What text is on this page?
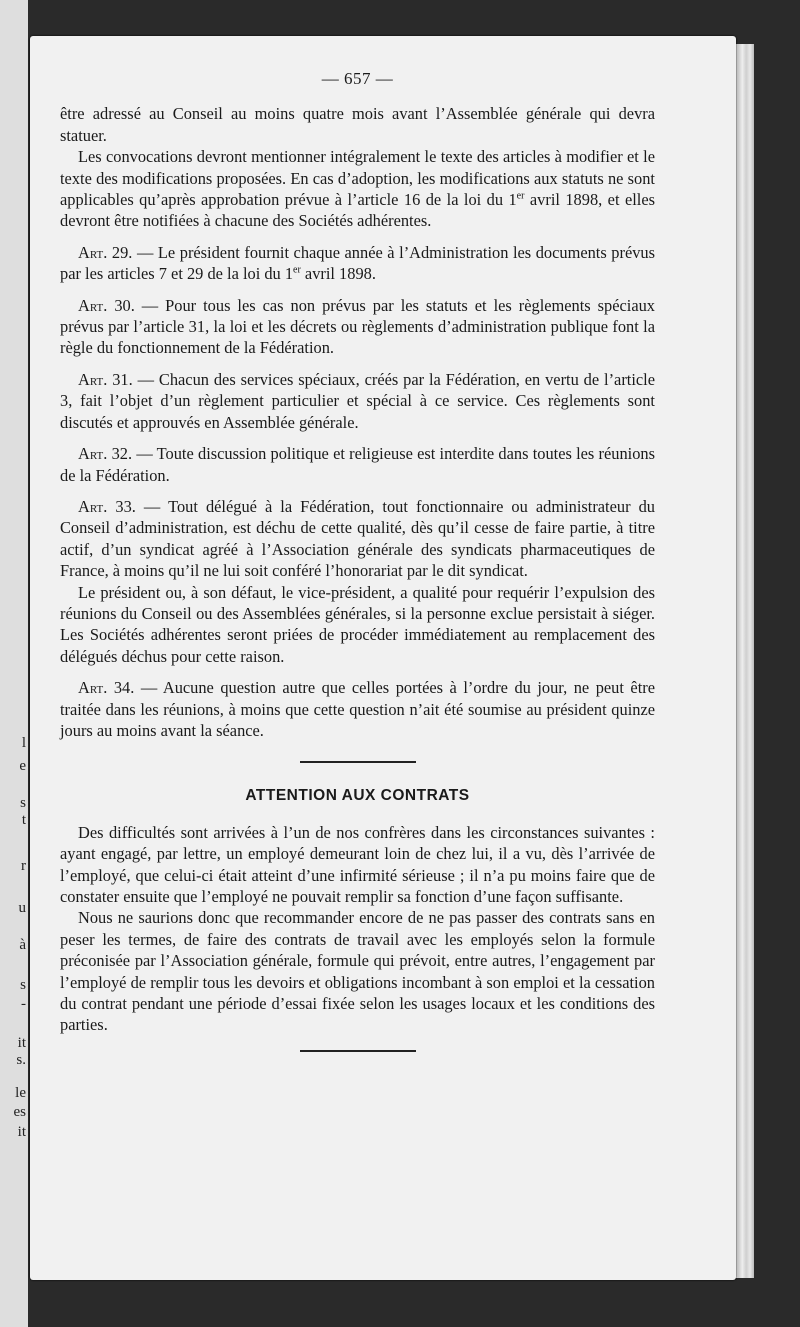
l
e
s
t
r
u
à
s
-
it
s.
le
es
it
— 657 —

être adressé au Conseil au moins quatre mois avant l’Assemblée générale qui devra statuer.

Les convocations devront mentionner intégralement le texte des articles à modifier et le texte des modifications proposées. En cas d’adoption, les modifications aux statuts ne sont applicables qu’après approbation prévue à l’article 16 de la loi du 1er avril 1898, et elles devront être notifiées à chacune des Sociétés adhérentes.

Art. 29. — Le président fournit chaque année à l’Administration les documents prévus par les articles 7 et 29 de la loi du 1er avril 1898.

Art. 30. — Pour tous les cas non prévus par les statuts et les règlements spéciaux prévus par l’article 31, la loi et les décrets ou règlements d’administration publique font la règle du fonctionnement de la Fédération.

Art. 31. — Chacun des services spéciaux, créés par la Fédération, en vertu de l’article 3, fait l’objet d’un règlement particulier et spécial à ce service. Ces règlements sont discutés et approuvés en Assemblée générale.

Art. 32. — Toute discussion politique et religieuse est interdite dans toutes les réunions de la Fédération.

Art. 33. — Tout délégué à la Fédération, tout fonctionnaire ou administrateur du Conseil d’administration, est déchu de cette qualité, dès qu’il cesse de faire partie, à titre actif, d’un syndicat agréé à l’Association générale des syndicats pharmaceutiques de France, à moins qu’il ne lui soit conféré l’honorariat par le dit syndicat.

Le président ou, à son défaut, le vice-président, a qualité pour requérir l’expulsion des réunions du Conseil ou des Assemblées générales, si la personne exclue persistait à siéger. Les Sociétés adhérentes seront priées de procéder immédiatement au remplacement des délégués déchus pour cette raison.

Art. 34. — Aucune question autre que celles portées à l’ordre du jour, ne peut être traitée dans les réunions, à moins que cette question n’ait été soumise au président quinze jours au moins avant la séance.

ATTENTION AUX CONTRATS

Des difficultés sont arrivées à l’un de nos confrères dans les circonstances suivantes : ayant engagé, par lettre, un employé demeurant loin de chez lui, il a vu, dès l’arrivée de l’employé, que celui-ci était atteint d’une infirmité sérieuse ; il n’a pu moins faire que de constater ensuite que l’employé ne pouvait remplir sa fonction d’une façon suffisante.

Nous ne saurions donc que recommander encore de ne pas passer des contrats sans en peser les termes, de faire des contrats de travail avec les employés selon la formule préconisée par l’Association générale, formule qui prévoit, entre autres, l’engagement par l’employé de remplir tous les devoirs et obligations incombant à son emploi et la cessation du contrat pendant une période d’essai fixée selon les usages locaux et les conditions des parties.
